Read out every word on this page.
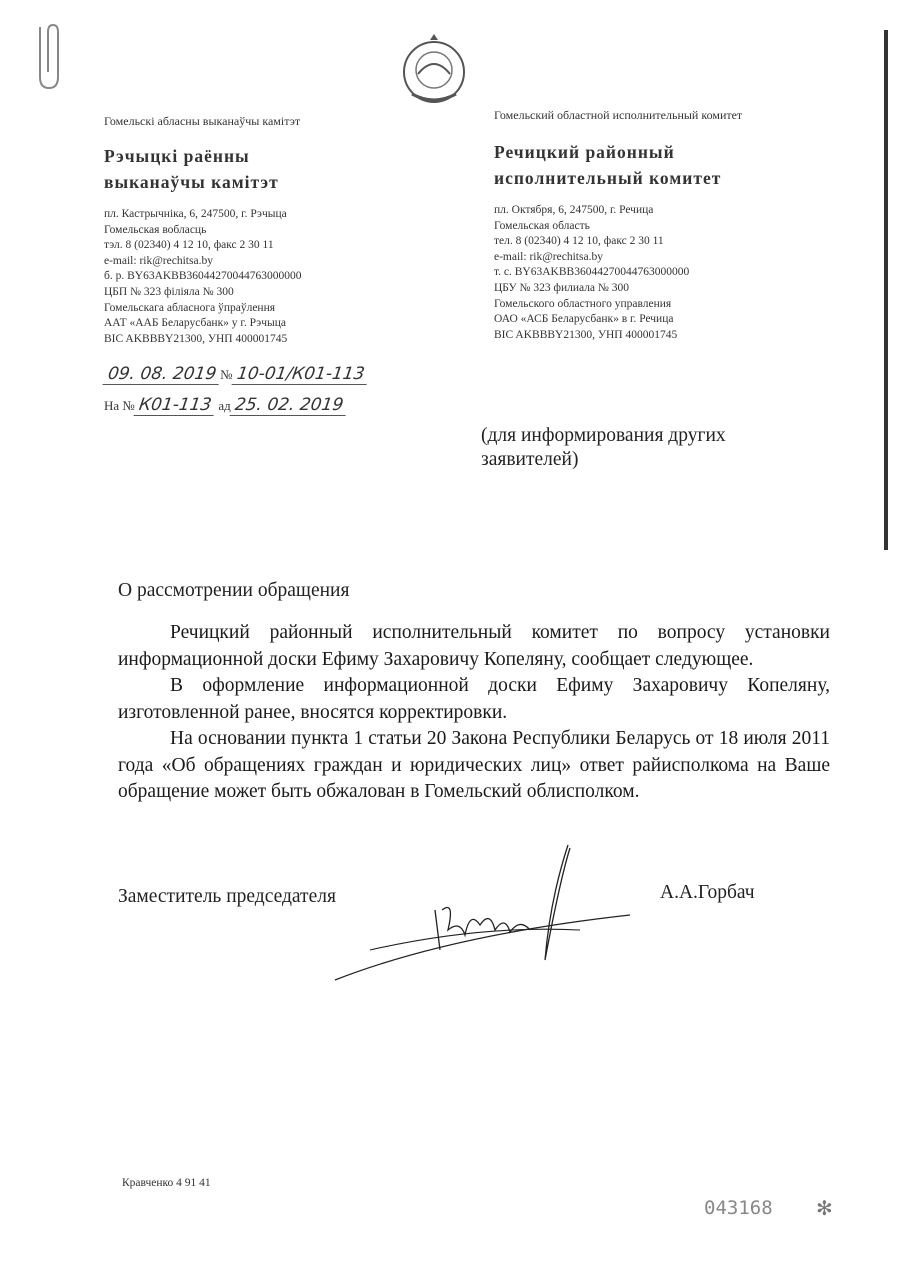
Гомельскі абласны выканаўчы камітэт
Рэчыцкі раённы
выканаўчы камітэт
пл. Кастрычніка, 6, 247500, г. Рэчыца
Гомельская вобласць
тэл. 8 (02340) 4 12 10, факс 2 30 11
e-mail: rik@rechitsa.by
б. р. BY63AKBB36044270044763000000
ЦБП № 323 філіяла № 300
Гомельскага абласнога ўпраўлення
ААТ «ААБ Беларусбанк» у г. Рэчыца
BIC AKBBBY21300, УНП 400001745
Гомельский областной исполнительный комитет
Речицкий районный
исполнительный комитет
пл. Октября, 6, 247500, г. Речица
Гомельская область
тел. 8 (02340) 4 12 10, факс 2 30 11
e-mail: rik@rechitsa.by
т. с. BY63AKBB36044270044763000000
ЦБУ № 323 филиала № 300
Гомельского областного управления
ОАО «АСБ Беларусбанк» в г. Речица
BIC AKBBBY21300, УНП 400001745
09. 08. 2019 № 10-01/К01-113
На № К01-113 ад 25. 02. 2019
(для информирования других заявителей)
О рассмотрении обращения

Речицкий районный исполнительный комитет по вопросу установки информационной доски Ефиму Захаровичу Копеляну, сообщает следующее.

В оформление информационной доски Ефиму Захаровичу Копеляну, изготовленной ранее, вносятся корректировки.

На основании пункта 1 статьи 20 Закона Республики Беларусь от 18 июля 2011 года «Об обращениях граждан и юридических лиц» ответ райисполкома на Ваше обращение может быть обжалован в Гомельский облисполком.

Заместитель председателя	А.А.Горбач
Кравченко 4 91 41
043168 ✻
